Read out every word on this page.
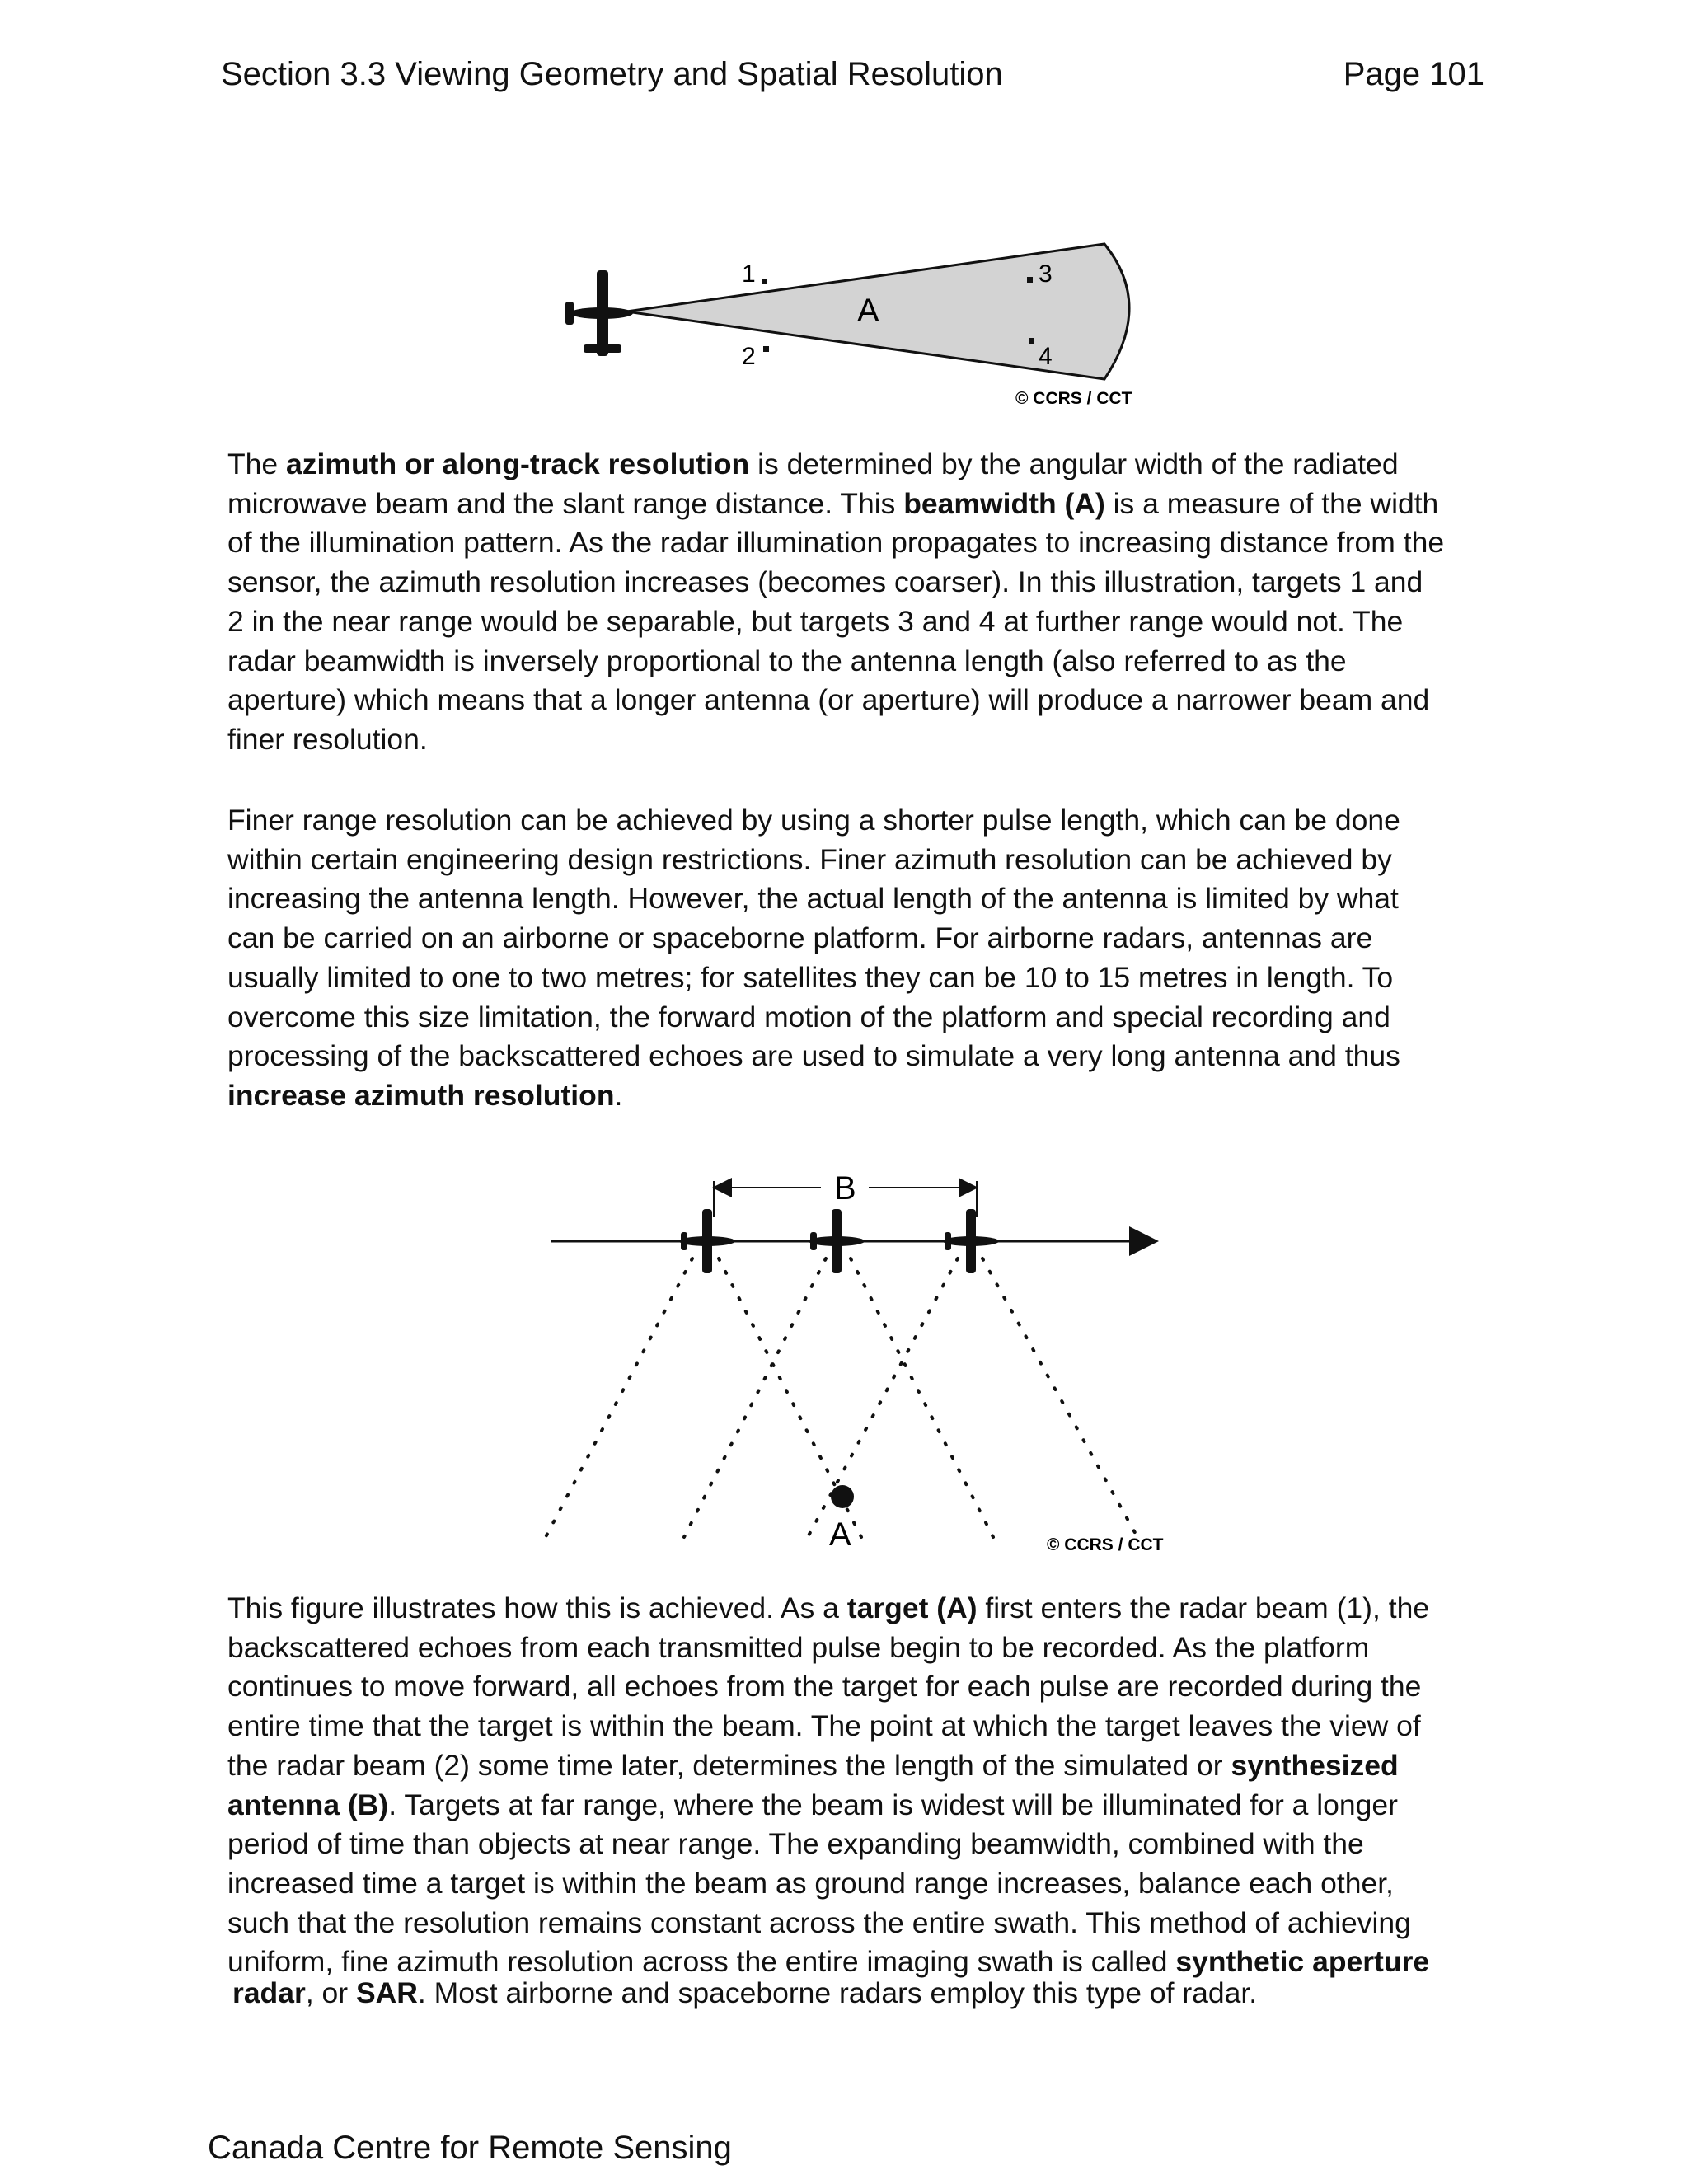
Section 3.3 Viewing Geometry and Spatial Resolution	Page 101
1
2
3
4
A
© CCRS / CCT

The azimuth or along-track resolution is determined by the angular width of the radiated
microwave beam and the slant range distance. This beamwidth (A) is a measure of the width
of the illumination pattern. As the radar illumination propagates to increasing distance from the
sensor, the azimuth resolution increases (becomes coarser). In this illustration, targets 1 and
2 in the near range would be separable, but targets 3 and 4 at further range would not. The
radar beamwidth is inversely proportional to the antenna length (also referred to as the
aperture) which means that a longer antenna (or aperture) will produce a narrower beam and
finer resolution.

Finer range resolution can be achieved by using a shorter pulse length, which can be done
within certain engineering design restrictions. Finer azimuth resolution can be achieved by
increasing the antenna length. However, the actual length of the antenna is limited by what
can be carried on an airborne or spaceborne platform. For airborne radars, antennas are
usually limited to one to two metres; for satellites they can be 10 to 15 metres in length. To
overcome this size limitation, the forward motion of the platform and special recording and
processing of the backscattered echoes are used to simulate a very long antenna and thus
increase azimuth resolution.

B
A	© CCRS / CCT

This figure illustrates how this is achieved. As a target (A) first enters the radar beam (1), the
backscattered echoes from each transmitted pulse begin to be recorded. As the platform
continues to move forward, all echoes from the target for each pulse are recorded during the
entire time that the target is within the beam. The point at which the target leaves the view of
the radar beam (2) some time later, determines the length of the simulated or synthesized
antenna (B). Targets at far range, where the beam is widest will be illuminated for a longer
period of time than objects at near range. The expanding beamwidth, combined with the
increased time a target is within the beam as ground range increases, balance each other,
such that the resolution remains constant across the entire swath. This method of achieving
uniform, fine azimuth resolution across the entire imaging swath is called synthetic aperture
radar, or SAR. Most airborne and spaceborne radars employ this type of radar.

Canada Centre for Remote Sensing
